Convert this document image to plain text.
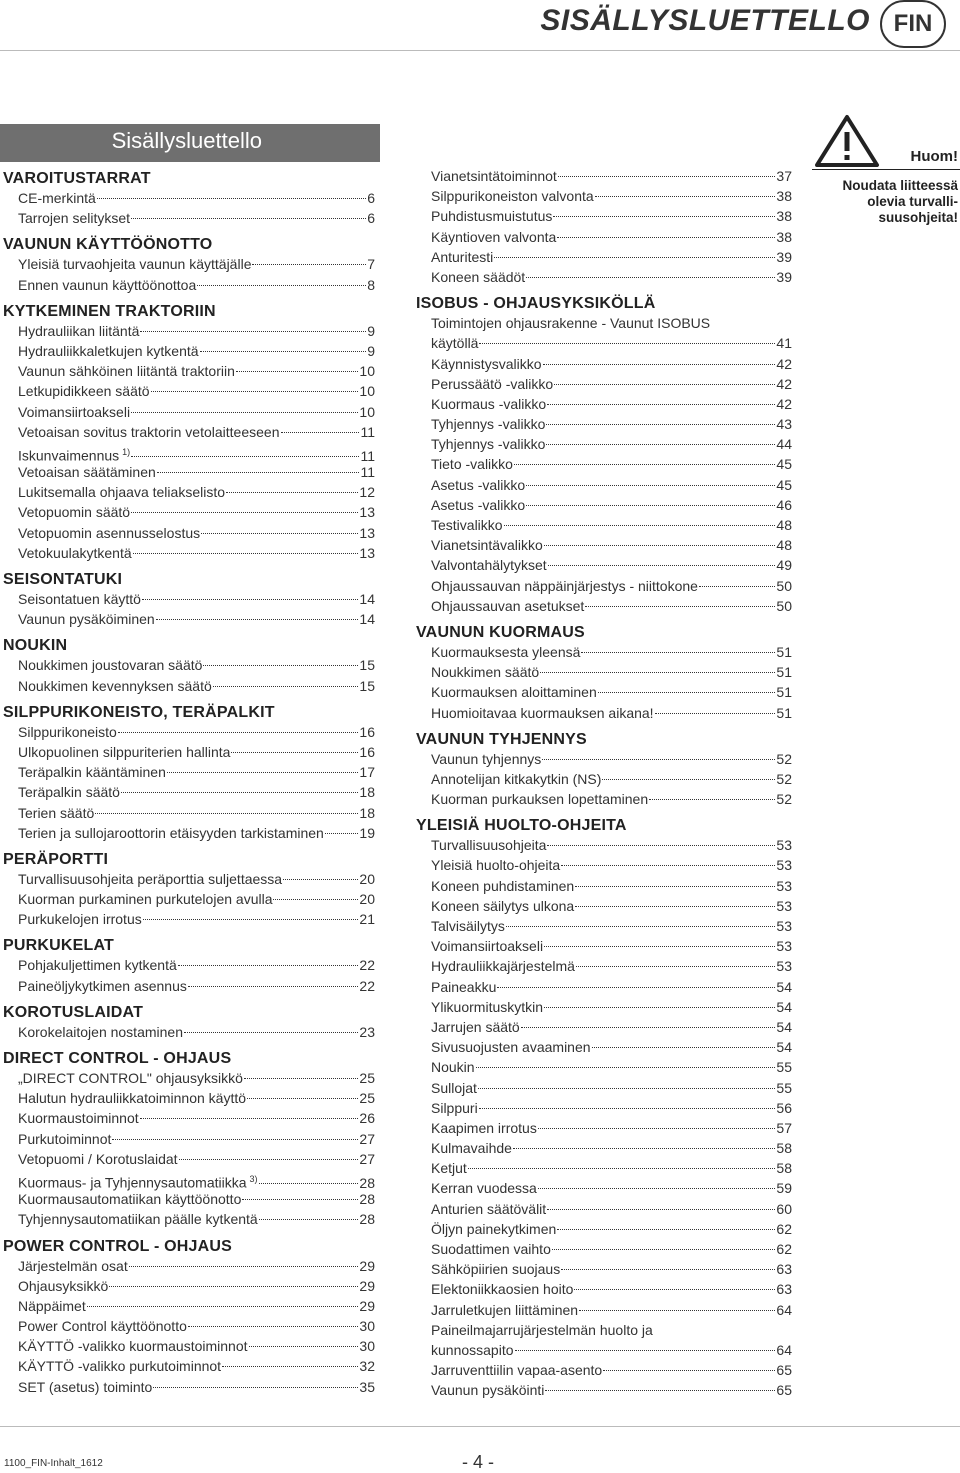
SISÄLLYSLUETTELLO FIN
Sisällysluettello
VAROITUSTARRAT
CE-merkintä	6
Tarrojen selitykset	6
VAUNUN KÄYTTÖÖNOTTO
Yleisiä turvaohjeita vaunun käyttäjälle	7
Ennen vaunun käyttöönottoa	8
KYTKEMINEN TRAKTORIIN
Hydrauliikan liitäntä	9
Hydrauliikkaletkujen kytkentä	9
Vaunun sähköinen liitäntä traktoriin	10
Letkupidikkeen säätö	10
Voimansiirtoakseli	10
Vetoaisan sovitus traktorin vetolaitteeseen	11
Iskunvaimennus $^{1)}$	11
Vetoaisan säätäminen	11
Lukitsemalla ohjaava teliakselisto	12
Vetopuomin säätö	13
Vetopuomin asennusselostus	13
Vetokuulakytkentä	13
SEISONTATUKI
Seisontatuen käyttö	14
Vaunun pysäköiminen	14
NOUKIN
Noukkimen joustovaran säätö	15
Noukkimen kevennyksen säätö	15
SILPPURIKONEISTO, TERÄPALKIT
Silppurikoneisto	16
Ulkopuolinen silppuriterien hallinta	16
Teräpalkin kääntäminen	17
Teräpalkin säätö	18
Terien säätö	18
Terien ja sullojaroottorin etäisyyden tarkistaminen	19
PERÄPORTTI
Turvallisuusohjeita peräporttia suljettaessa	20
Kuorman purkaminen purkutelojen avulla	20
Purkukelojen irrotus	21
PURKUKELAT
Pohjakuljettimen kytkentä	22
Paineöljykytkimen asennus	22
KOROTUSLAIDAT
Korokelaitojen nostaminen	23
DIRECT CONTROL - OHJAUS
„DIRECT CONTROL" ohjausyksikkö	25
Halutun hydrauliikkatoiminnon käyttö	25
Kuormaustoiminnot	26
Purkutoiminnot	27
Vetopuomi / Korotuslaidat	27
Kuormaus- ja Tyhjennysautomatiikka $^{3)}$	28
Kuormausautomatiikan käyttöönotto	28
Tyhjennysautomatiikan päälle kytkentä	28
POWER CONTROL - OHJAUS
Järjestelmän osat	29
Ohjausyksikkö	29
Näppäimet	29
Power Control käyttöönotto	30
KÄYTTÖ -valikko kuormaustoiminnot	30
KÄYTTÖ -valikko purkutoiminnot	32
SET (asetus) toiminto	35
Vianetsintätoiminnot	37
Silppurikoneiston valvonta	38
Puhdistusmuistutus	38
Käyntioven valvonta	38
Anturitesti	39
Koneen säädöt	39
ISOBUS - OHJAUSYKSIKÖLLÄ
Toimintojen ohjausrakenne - Vaunut ISOBUS
käytöllä	41
Käynnistysvalikko	42
Perussäätö -valikko	42
Kuormaus -valikko	42
Tyhjennys -valikko	43
Tyhjennys -valikko	44
Tieto -valikko	45
Asetus -valikko	45
Asetus -valikko	46
Testivalikko	48
Vianetsintävalikko	48
Valvontahälytykset	49
Ohjaussauvan näppäinjärjestys - niittokone	50
Ohjaussauvan asetukset	50
VAUNUN KUORMAUS
Kuormauksesta yleensä	51
Noukkimen säätö	51
Kuormauksen aloittaminen	51
Huomioitavaa kuormauksen aikana!	51
VAUNUN TYHJENNYS
Vaunun tyhjennys	52
Annotelijan kitkakytkin (NS)	52
Kuorman purkauksen lopettaminen	52
YLEISIÄ HUOLTO-OHJEITA
Turvallisuusohjeita	53
Yleisiä huolto-ohjeita	53
Koneen puhdistaminen	53
Koneen säilytys ulkona	53
Talvisäilytys	53
Voimansiirtoakseli	53
Hydrauliikkajärjestelmä	53
Paineakku	54
Ylikuormituskytkin	54
Jarrujen säätö	54
Sivusuojusten avaaminen	54
Noukin	55
Sullojat	55
Silppuri	56
Kaapimen irrotus	57
Kulmavaihde	58
Ketjut	58
Kerran vuodessa	59
Anturien säätövälit	60
Öljyn painekytkimen	62
Suodattimen vaihto	62
Sähköpiirien suojaus	63
Elektoniikkaosien hoito	63
Jarruletkujen liittäminen	64
Paineilmajarrujärjestelmän huolto ja
kunnossapito	64
Jarruventtiilin vapaa-asento	65
Vaunun pysäköinti	65
Huom!
Noudata liitteessä olevia turvalli-suusohjeita!
1100_FIN-Inhalt_1612	- 4 -
